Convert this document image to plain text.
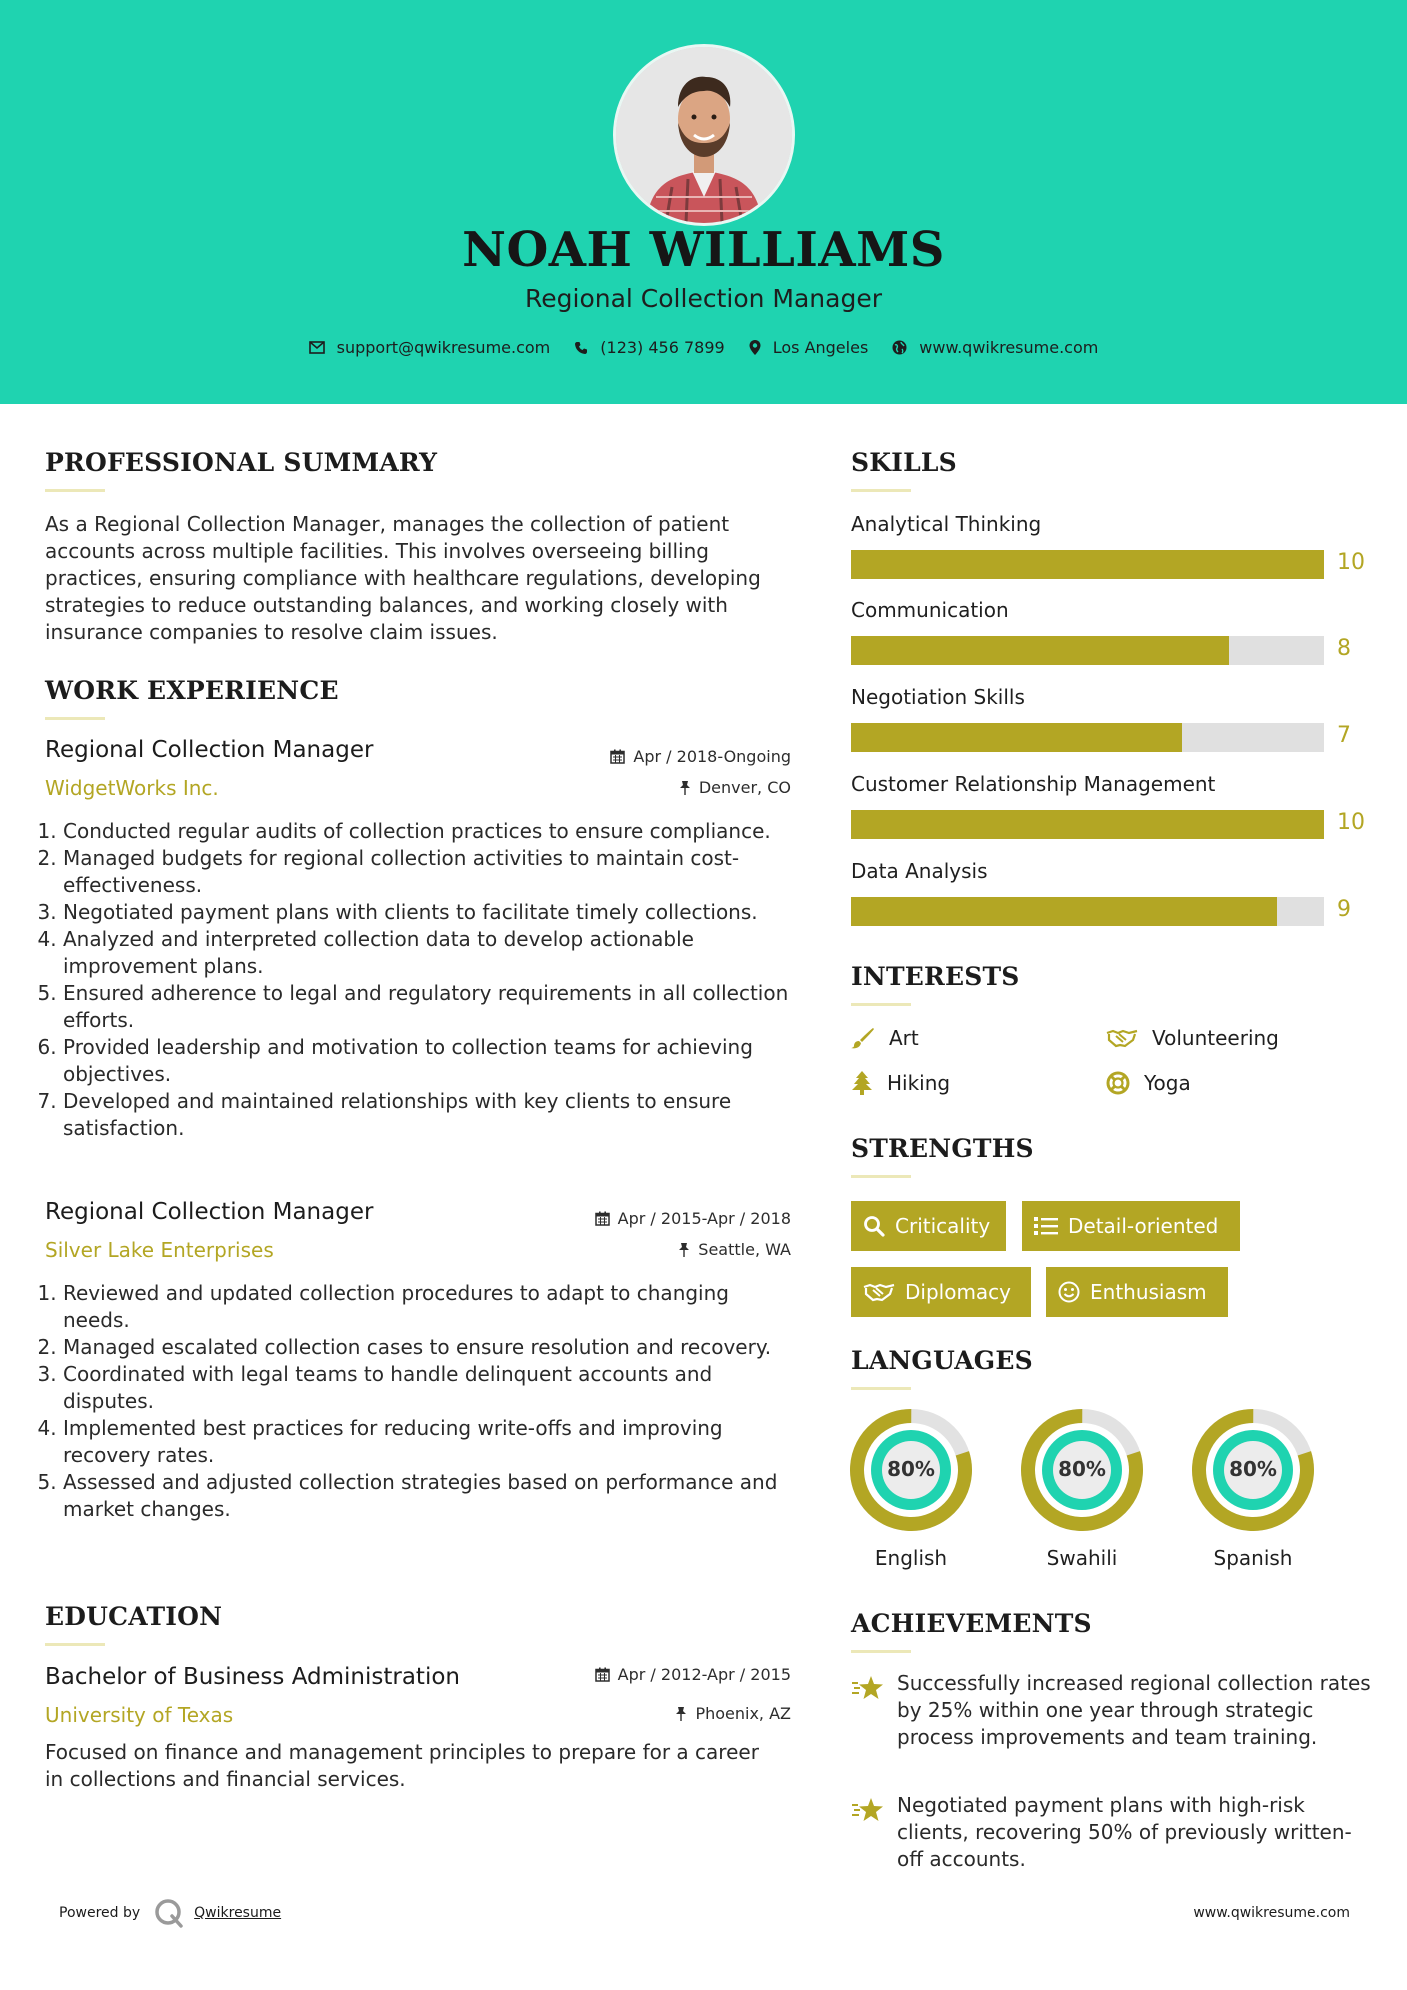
NOAH WILLIAMS
Regional Collection Manager
support@qwikresume.com	(123) 456 7899	Los Angeles	www.qwikresume.com
PROFESSIONAL SUMMARY
As a Regional Collection Manager, manages the collection of patient accounts across multiple facilities. This involves overseeing billing practices, ensuring compliance with healthcare regulations, developing strategies to reduce outstanding balances, and working closely with insurance companies to resolve claim issues.
WORK EXPERIENCE
Regional Collection Manager	Apr / 2018-Ongoing
WidgetWorks Inc.	Denver, CO
1. Conducted regular audits of collection practices to ensure compliance.
2. Managed budgets for regional collection activities to maintain cost-effectiveness.
3. Negotiated payment plans with clients to facilitate timely collections.
4. Analyzed and interpreted collection data to develop actionable improvement plans.
5. Ensured adherence to legal and regulatory requirements in all collection efforts.
6. Provided leadership and motivation to collection teams for achieving objectives.
7. Developed and maintained relationships with key clients to ensure satisfaction.
Regional Collection Manager	Apr / 2015-Apr / 2018
Silver Lake Enterprises	Seattle, WA
1. Reviewed and updated collection procedures to adapt to changing needs.
2. Managed escalated collection cases to ensure resolution and recovery.
3. Coordinated with legal teams to handle delinquent accounts and disputes.
4. Implemented best practices for reducing write-offs and improving recovery rates.
5. Assessed and adjusted collection strategies based on performance and market changes.
EDUCATION
Bachelor of Business Administration	Apr / 2012-Apr / 2015
University of Texas	Phoenix, AZ
Focused on finance and management principles to prepare for a career in collections and financial services.
SKILLS
Analytical Thinking
10
Communication
8
Negotiation Skills
7
Customer Relationship Management
10
Data Analysis
9
INTERESTS
Art	Volunteering
Hiking	Yoga
STRENGTHS
Criticality	Detail-oriented
Diplomacy	Enthusiasm
LANGUAGES
80%
English
80%
Swahili
80%
Spanish
ACHIEVEMENTS
Successfully increased regional collection rates by 25% within one year through strategic process improvements and team training.
Negotiated payment plans with high-risk clients, recovering 50% of previously written-off accounts.
Powered by	Qwikresume	www.qwikresume.com
